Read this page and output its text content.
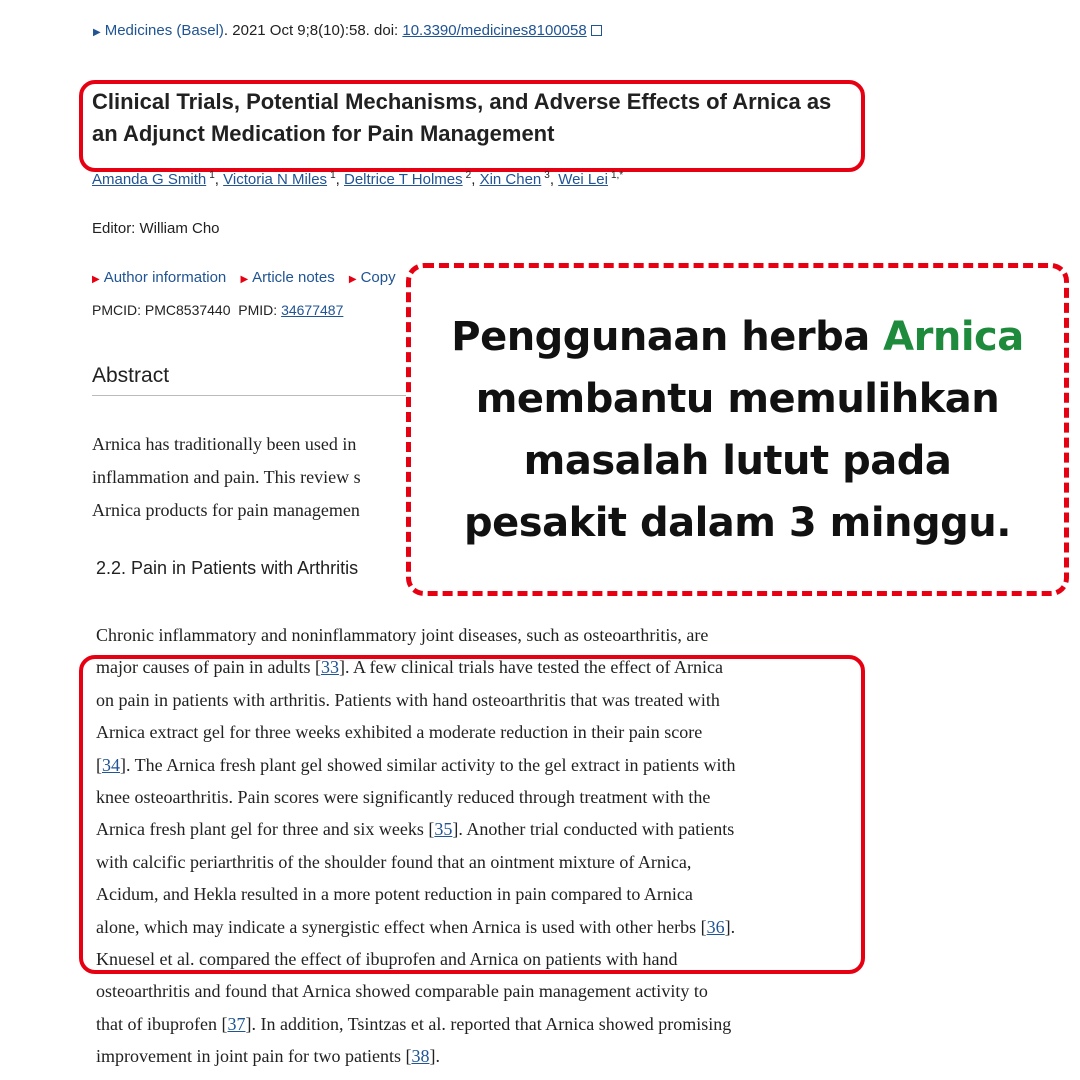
▶ Medicines (Basel). 2021 Oct 9;8(10):58. doi: 10.3390/medicines8100058
Clinical Trials, Potential Mechanisms, and Adverse Effects of Arnica as an Adjunct Medication for Pain Management
Amanda G Smith  $^1$, Victoria N Miles  $^1$, Deltrice T Holmes  $^2$, Xin Chen  $^3$, Wei Lei  $^{1,*}$
Editor: William Cho
▶ Author information ▶ Article notes ▶ Copy
PMCID: PMC8537440 PMID: 34677487
Abstract
Arnica has traditionally been used in
inflammation and pain. This review s
Arnica products for pain managemen
2.2. Pain in Patients with Arthritis
Chronic inflammatory and noninflammatory joint diseases, such as osteoarthritis, are
major causes of pain in adults [33]. A few clinical trials have tested the effect of Arnica
on pain in patients with arthritis. Patients with hand osteoarthritis that was treated with
Arnica extract gel for three weeks exhibited a moderate reduction in their pain score
[34]. The Arnica fresh plant gel showed similar activity to the gel extract in patients with
knee osteoarthritis. Pain scores were significantly reduced through treatment with the
Arnica fresh plant gel for three and six weeks [35]. Another trial conducted with patients
with calcific periarthritis of the shoulder found that an ointment mixture of Arnica,
Acidum, and Hekla resulted in a more potent reduction in pain compared to Arnica
alone, which may indicate a synergistic effect when Arnica is used with other herbs [36].
Knuesel et al. compared the effect of ibuprofen and Arnica on patients with hand
osteoarthritis and found that Arnica showed comparable pain management activity to
that of ibuprofen [37]. In addition, Tsintzas et al. reported that Arnica showed promising
improvement in joint pain for two patients [38].
Penggunaan herba Arnica
membantu memulihkan
masalah lutut pada
pesakit dalam 3 minggu.
